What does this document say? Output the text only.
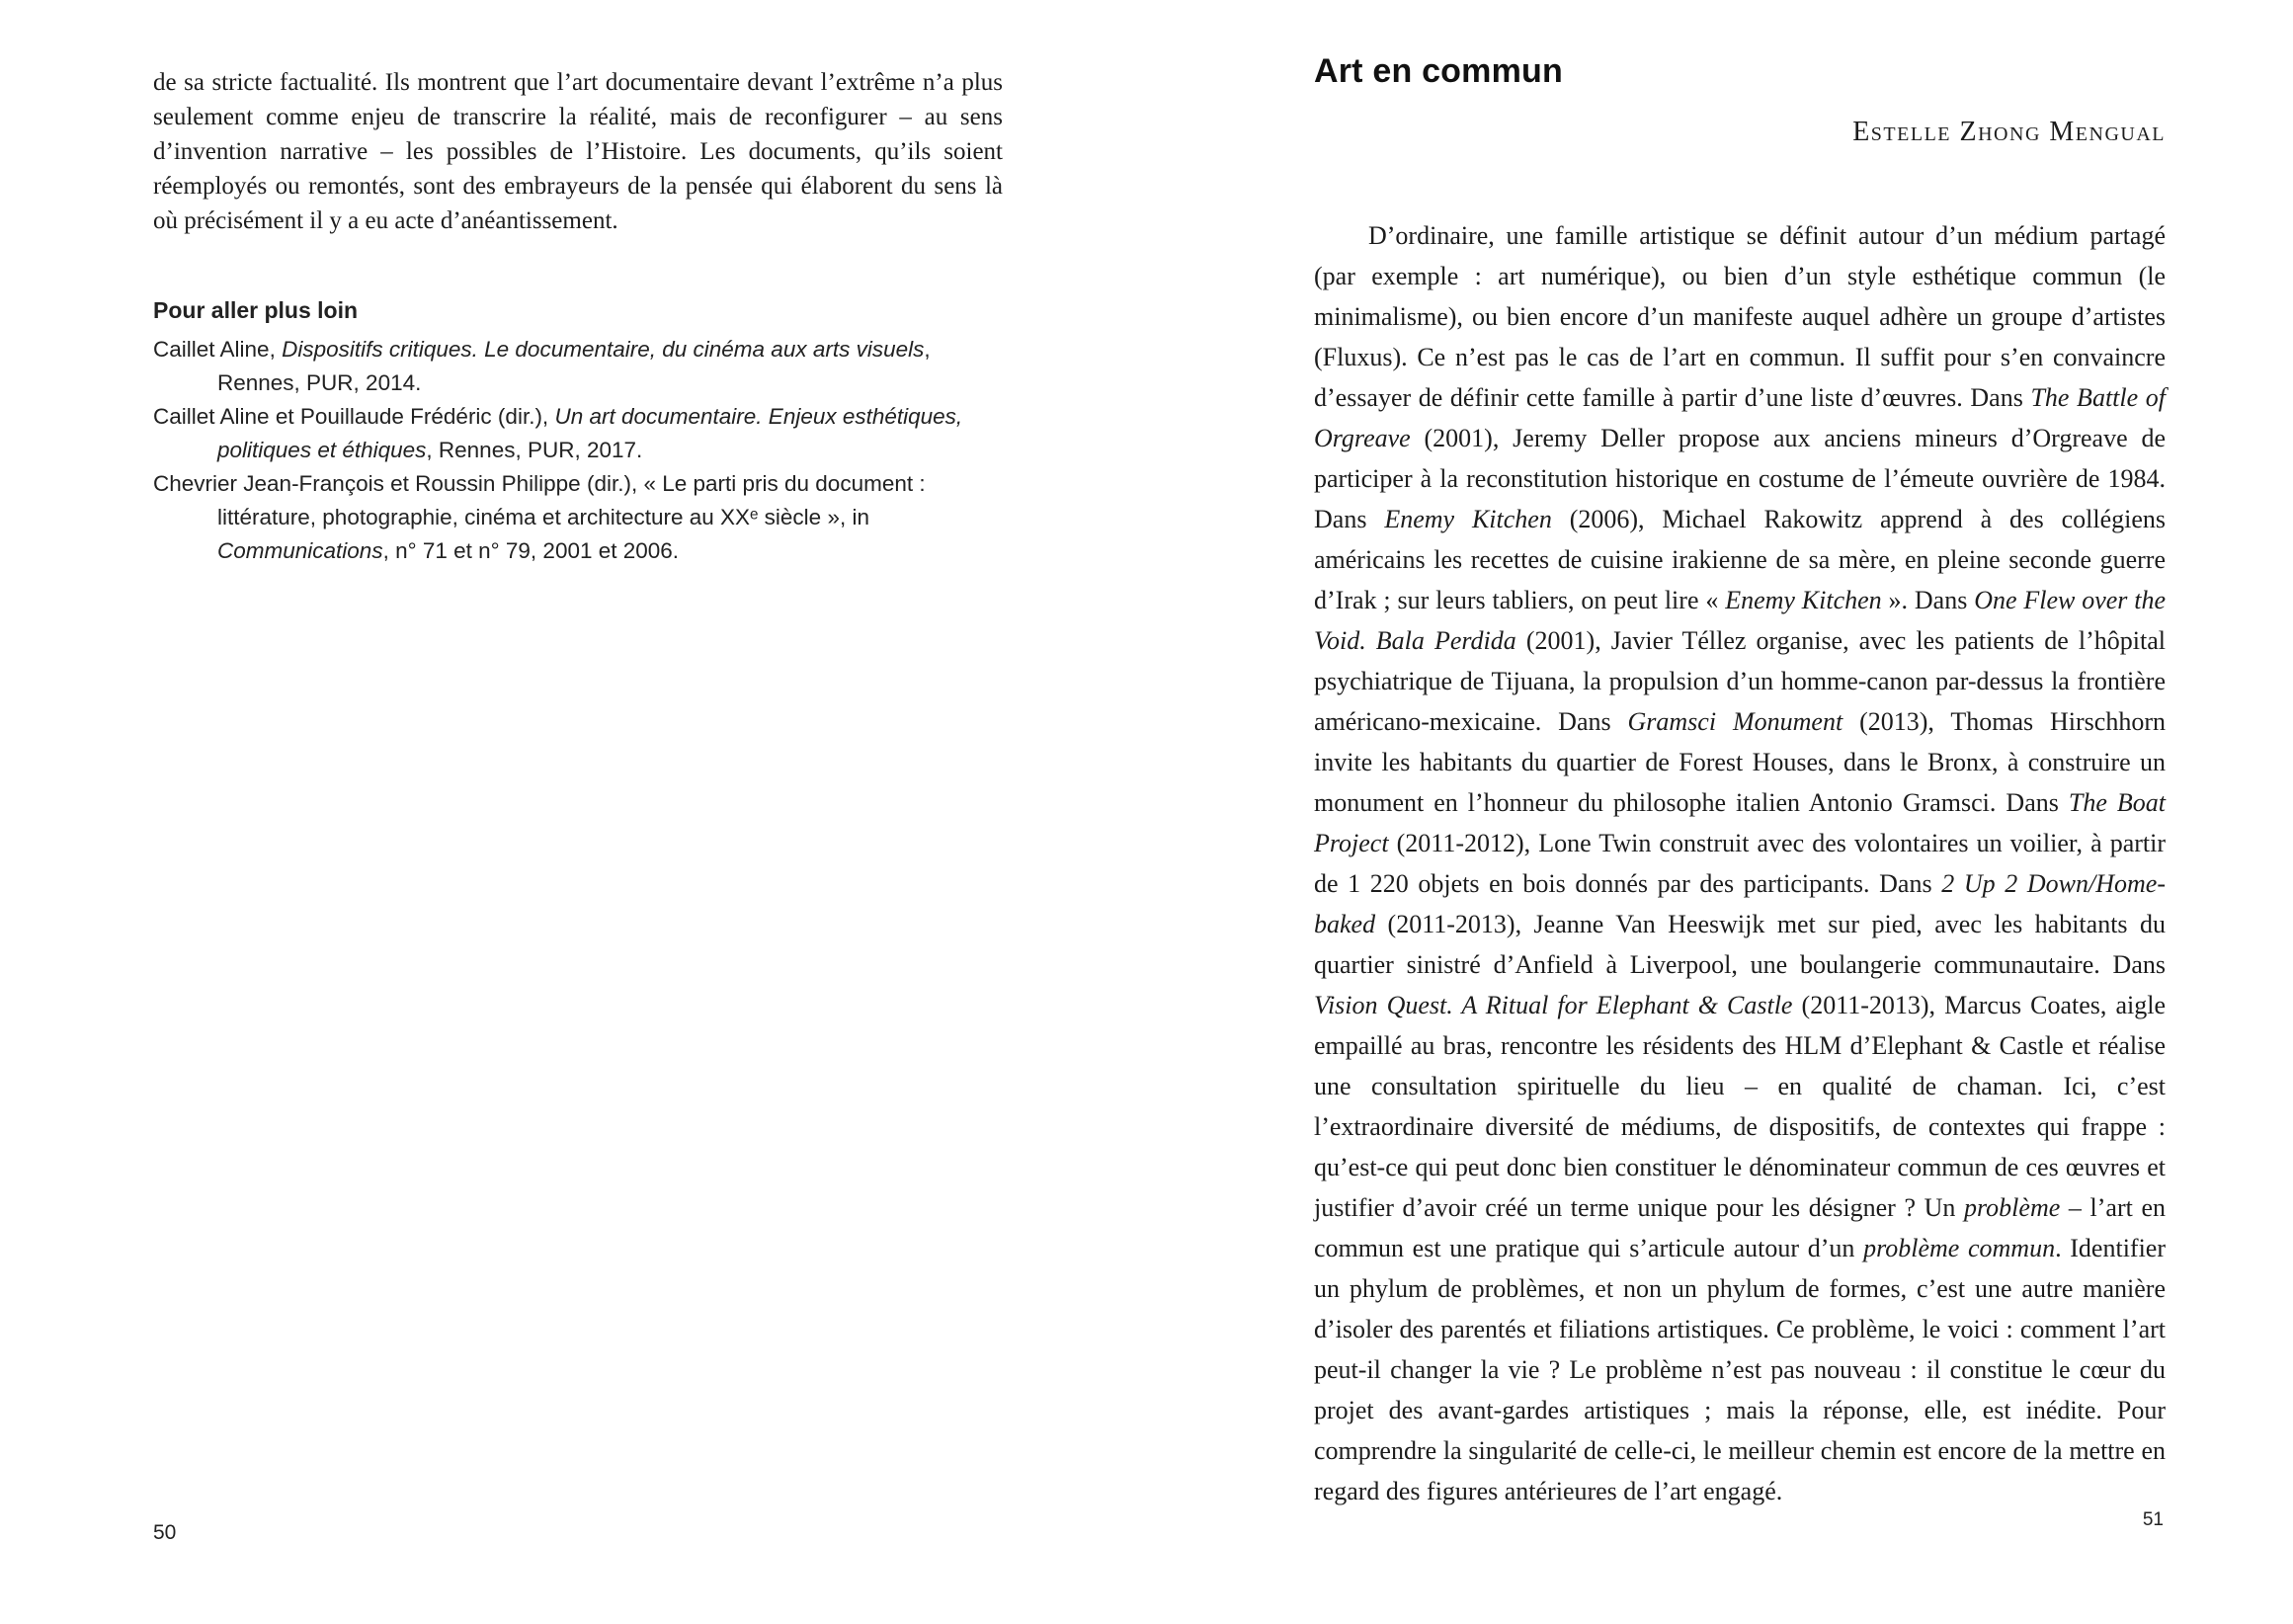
de sa stricte factualité. Ils montrent que l’art documentaire devant l’extrême n’a plus seulement comme enjeu de transcrire la réalité, mais de reconfigurer – au sens d’invention narrative – les possibles de l’Histoire. Les documents, qu’ils soient réemployés ou remontés, sont des embrayeurs de la pensée qui élaborent du sens là où précisément il y a eu acte d’anéantissement.

Pour aller plus loin

Caillet Aline, Dispositifs critiques. Le documentaire, du cinéma aux arts visuels, Rennes, PUR, 2014.

Caillet Aline et Pouillaude Frédéric (dir.), Un art documentaire. Enjeux esthétiques, politiques et éthiques, Rennes, PUR, 2017.

Chevrier Jean-François et Roussin Philippe (dir.), « Le parti pris du document : littérature, photographie, cinéma et architecture au XXᵉ siècle », in Communications, n° 71 et n° 79, 2001 et 2006.

50
Art en commun
Estelle Zhong Mengual

D’ordinaire, une famille artistique se définit autour d’un médium partagé (par exemple : art numérique), ou bien d’un style esthétique commun (le minimalisme), ou bien encore d’un manifeste auquel adhère un groupe d’artistes (Fluxus). Ce n’est pas le cas de l’art en commun. Il suffit pour s’en convaincre d’essayer de définir cette famille à partir d’une liste d’œuvres. Dans The Battle of Orgreave (2001), Jeremy Deller propose aux anciens mineurs d’Orgreave de participer à la reconstitution historique en costume de l’émeute ouvrière de 1984. Dans Enemy Kitchen (2006), Michael Rakowitz apprend à des collégiens américains les recettes de cuisine irakienne de sa mère, en pleine seconde guerre d’Irak ; sur leurs tabliers, on peut lire « Enemy Kitchen ». Dans One Flew over the Void. Bala Perdida (2001), Javier Téllez organise, avec les patients de l’hôpital psychiatrique de Tijuana, la propulsion d’un homme-canon par-dessus la frontière américano-mexicaine. Dans Gramsci Monument (2013), Thomas Hirschhorn invite les habitants du quartier de Forest Houses, dans le Bronx, à construire un monument en l’honneur du philosophe italien Antonio Gramsci. Dans The Boat Project (2011-2012), Lone Twin construit avec des volontaires un voilier, à partir de 1 220 objets en bois donnés par des participants. Dans 2 Up 2 Down/Home- baked (2011-2013), Jeanne Van Heeswijk met sur pied, avec les habitants du quartier sinistré d’Anfield à Liverpool, une boulangerie communautaire. Dans Vision Quest. A Ritual for Elephant & Castle (2011-2013), Marcus Coates, aigle empaillé au bras, rencontre les résidents des HLM d’Elephant & Castle et réalise une consultation spirituelle du lieu – en qualité de chaman. Ici, c’est l’extraordinaire diversité de médiums, de dispositifs, de contextes qui frappe : qu’est-ce qui peut donc bien constituer le dénominateur commun de ces œuvres et justifier d’avoir créé un terme unique pour les désigner ? Un problème – l’art en commun est une pratique qui s’articule autour d’un problème commun. Identifier un phylum de problèmes, et non un phylum de formes, c’est une autre manière d’isoler des parentés et filiations artistiques. Ce problème, le voici : comment l’art peut-il changer la vie ? Le problème n’est pas nouveau : il constitue le cœur du projet des avant-gardes artistiques ; mais la réponse, elle, est inédite. Pour comprendre la singularité de celle-ci, le meilleur chemin est encore de la mettre en regard des figures antérieures de l’art engagé.

51
